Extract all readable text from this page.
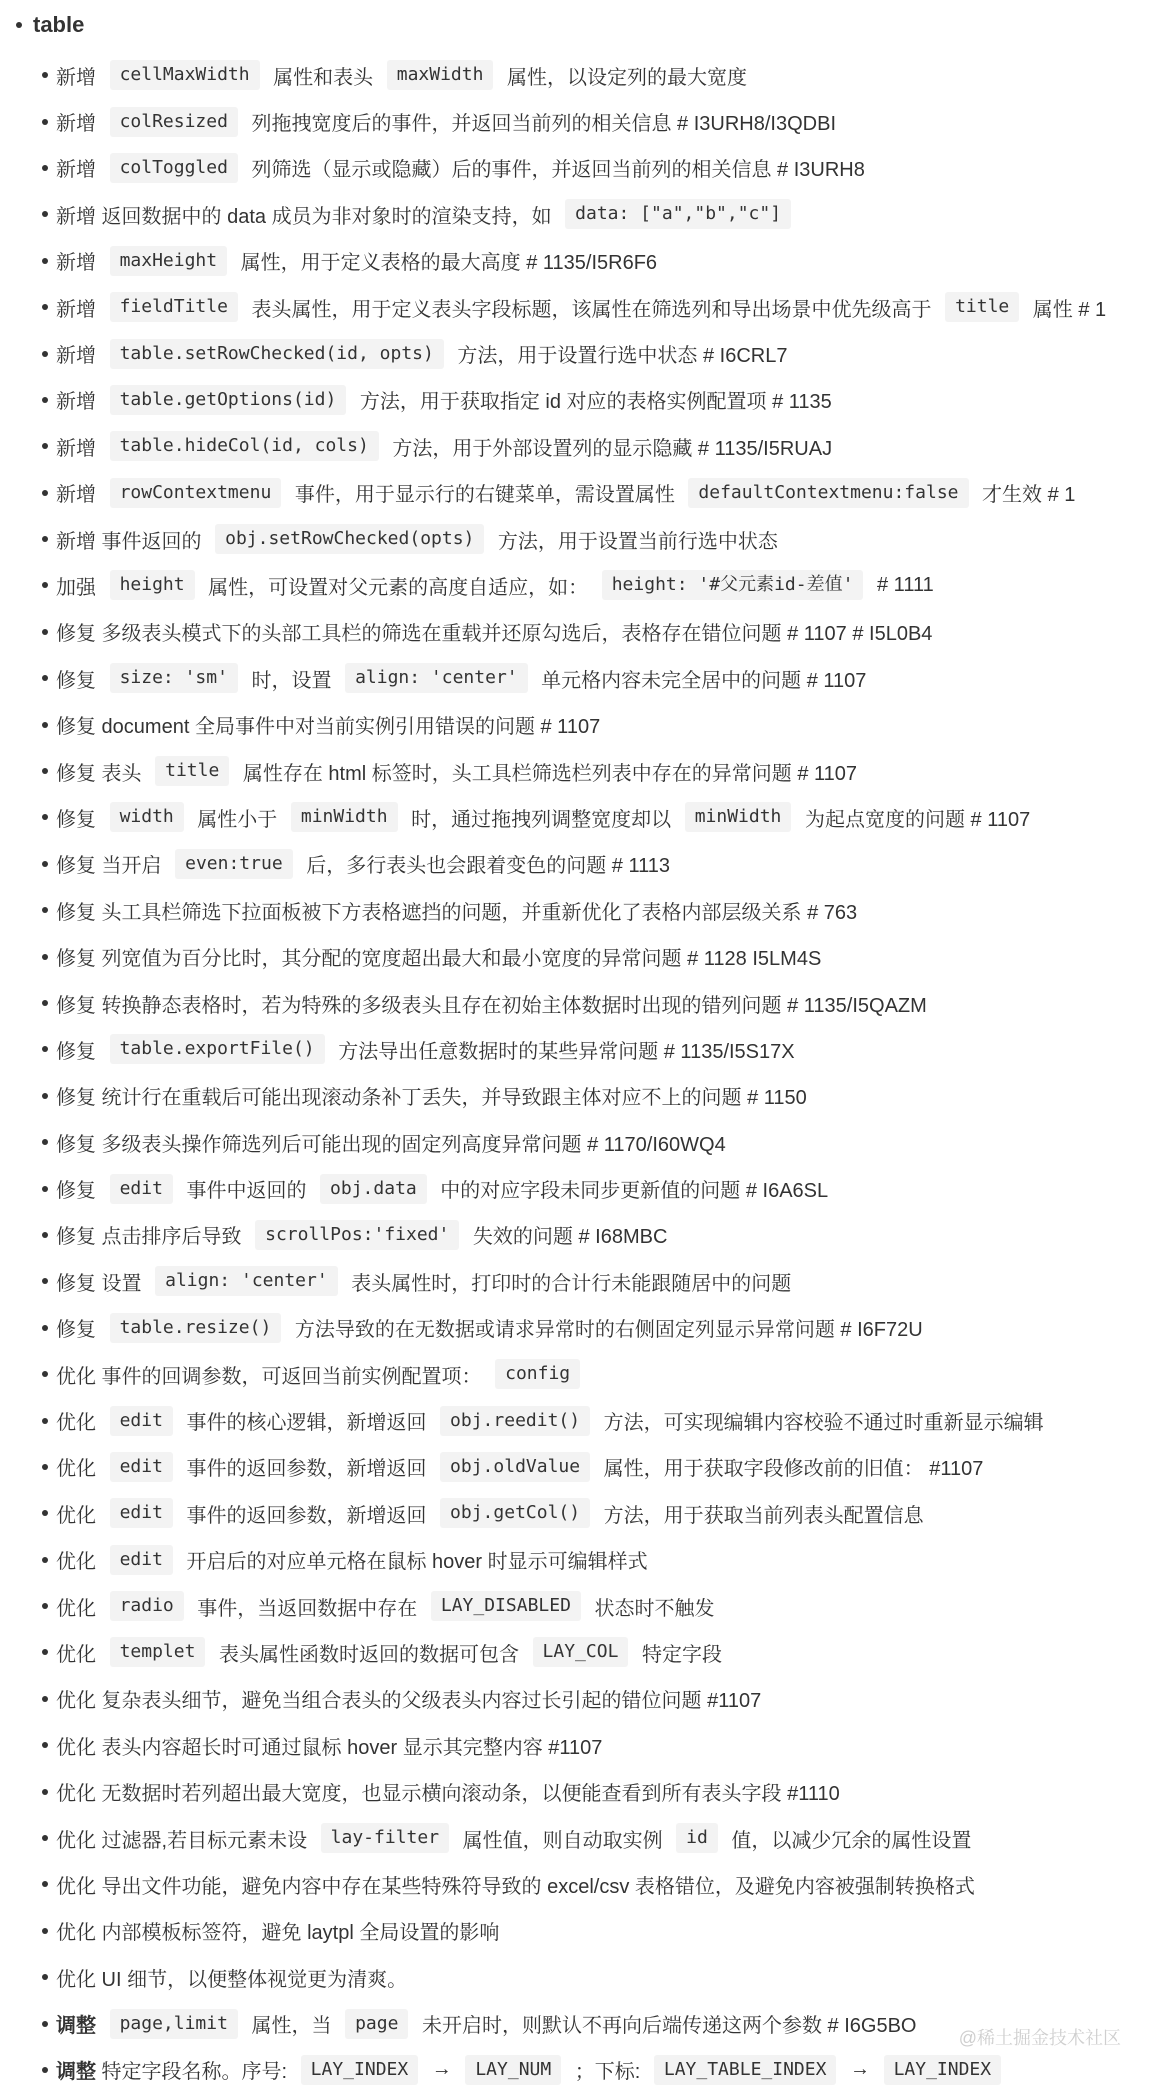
table
新增	cellMaxWidth 属性和表头	maxWidth 属性，以设定列的最大宽度
新增	colResized 列拖拽宽度后的事件，并返回当前列的相关信息 # I3URH8/I3QDBI
新增	colToggled 列筛选（显示或隐藏）后的事件，并返回当前列的相关信息 # I3URH8
新增 返回数据中的 data 成员为非对象时的渲染支持，如	data: ["a","b","c"]
新增	maxHeight 属性，用于定义表格的最大高度 # 1135/I5R6F6
新增	fieldTitle 表头属性，用于定义表头字段标题，该属性在筛选列和导出场景中优先级高于	title 属性 # 1
新增	table.setRowChecked(id, opts) 方法，用于设置行选中状态 # I6CRL7
新增	table.getOptions(id) 方法，用于获取指定 id 对应的表格实例配置项 # 1135
新增	table.hideCol(id, cols) 方法，用于外部设置列的显示隐藏 # 1135/I5RUAJ
新增	rowContextmenu 事件，用于显示行的右键菜单，需设置属性	defaultContextmenu:false 才生效 # 1
新增 事件返回的	obj.setRowChecked(opts) 方法，用于设置当前行选中状态
加强	height 属性，可设置对父元素的高度自适应，如：	height: '#父元素id-差值' # 1111
修复 多级表头模式下的头部工具栏的筛选在重载并还原勾选后，表格存在错位问题 # 1107 # I5L0B4
修复	size: 'sm' 时，设置	align: 'center' 单元格内容未完全居中的问题 # 1107
修复 document 全局事件中对当前实例引用错误的问题 # 1107
修复 表头	title 属性存在 html 标签时，头工具栏筛选栏列表中存在的异常问题 # 1107
修复	width 属性小于	minWidth 时，通过拖拽列调整宽度却以	minWidth 为起点宽度的问题 # 1107
修复 当开启	even:true 后，多行表头也会跟着变色的问题 # 1113
修复 头工具栏筛选下拉面板被下方表格遮挡的问题，并重新优化了表格内部层级关系 # 763
修复 列宽值为百分比时，其分配的宽度超出最大和最小宽度的异常问题 # 1128 I5LM4S
修复 转换静态表格时，若为特殊的多级表头且存在初始主体数据时出现的错列问题 # 1135/I5QAZM
修复	table.exportFile() 方法导出任意数据时的某些异常问题 # 1135/I5S17X
修复 统计行在重载后可能出现滚动条补丁丢失，并导致跟主体对应不上的问题 # 1150
修复 多级表头操作筛选列后可能出现的固定列高度异常问题 # 1170/I60WQ4
修复	edit 事件中返回的	obj.data 中的对应字段未同步更新值的问题 # I6A6SL
修复 点击排序后导致	scrollPos:'fixed' 失效的问题 # I68MBC
修复 设置	align: 'center' 表头属性时，打印时的合计行未能跟随居中的问题
修复	table.resize() 方法导致的在无数据或请求异常时的右侧固定列显示异常问题 # I6F72U
优化 事件的回调参数，可返回当前实例配置项：	config
优化	edit 事件的核心逻辑，新增返回	obj.reedit() 方法，可实现编辑内容校验不通过时重新显示编辑
优化	edit 事件的返回参数，新增返回	obj.oldValue 属性，用于获取字段修改前的旧值： #1107
优化	edit 事件的返回参数，新增返回	obj.getCol() 方法，用于获取当前列表头配置信息
优化	edit 开启后的对应单元格在鼠标 hover 时显示可编辑样式
优化	radio 事件，当返回数据中存在	LAY_DISABLED 状态时不触发
优化	templet 表头属性函数时返回的数据可包含	LAY_COL 特定字段
优化 复杂表头细节，避免当组合表头的父级表头内容过长引起的错位问题 #1107
优化 表头内容超长时可通过鼠标 hover 显示其完整内容 #1107
优化 无数据时若列超出最大宽度，也显示横向滚动条，以便能查看到所有表头字段 #1110
优化 过滤器,若目标元素未设	lay-filter 属性值，则自动取实例	id 值，以减少冗余的属性设置
优化 导出文件功能，避免内容中存在某些特殊符导致的 excel/csv 表格错位，及避免内容被强制转换格式
优化 内部模板标签符，避免 laytpl 全局设置的影响
优化 UI 细节，以便整体视觉更为清爽。
调整
	page,limit 属性，当	page 未开启时，则默认不再向后端传递这两个参数 # I6G5BO
调整 特定字段名称。序号:	LAY_INDEX →	LAY_NUM ；下标:	LAY_TABLE_INDEX →	LAY_INDEX
@稀土掘金技术社区
